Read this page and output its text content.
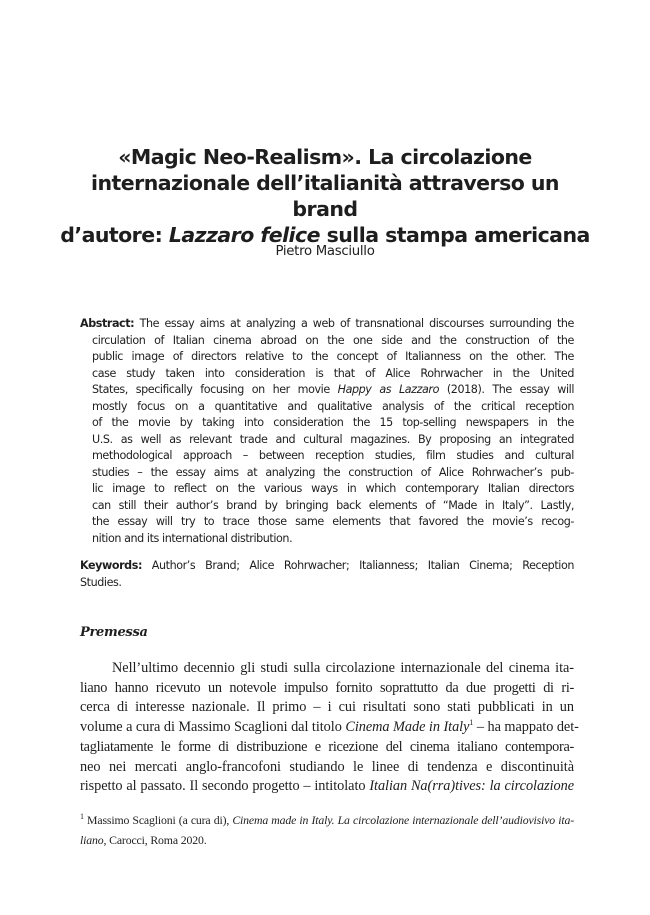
«Magic Neo-Realism». La circolazione
internazionale dell’italianità attraverso un brand
d’autore: Lazzaro felice sulla stampa americana
Pietro Masciullo
Abstract: The essay aims at analyzing a web of transnational discourses surrounding the
circulation of Italian cinema abroad on the one side and the construction of the
public image of directors relative to the concept of Italianness on the other. The
case study taken into consideration is that of Alice Rohrwacher in the United
States, specifically focusing on her movie Happy as Lazzaro (2018). The essay will
mostly focus on a quantitative and qualitative analysis of the critical reception
of the movie by taking into consideration the 15 top-selling newspapers in the
U.S. as well as relevant trade and cultural magazines. By proposing an integrated
methodological approach – between reception studies, film studies and cultural
studies – the essay aims at analyzing the construction of Alice Rohrwacher’s pub-
lic image to reflect on the various ways in which contemporary Italian directors
can still their author’s brand by bringing back elements of “Made in Italy”. Lastly,
the essay will try to trace those same elements that favored the movie’s recog-
nition and its international distribution.
Keywords: Author’s Brand; Alice Rohrwacher; Italianness; Italian Cinema; Reception
Studies.
Premessa
Nell’ultimo decennio gli studi sulla circolazione internazionale del cinema ita-
liano hanno ricevuto un notevole impulso fornito soprattutto da due progetti di ri-
cerca di interesse nazionale. Il primo – i cui risultati sono stati pubblicati in un
volume a cura di Massimo Scaglioni dal titolo Cinema Made in Italy$^1$ – ha mappato det-
tagliatamente le forme di distribuzione e ricezione del cinema italiano contempora-
neo nei mercati anglo-francofoni studiando le linee di tendenza e discontinuità
rispetto al passato. Il secondo progetto – intitolato Italian Na(rra)tives: la circolazione
$^1$ Massimo Scaglioni (a cura di), Cinema made in Italy. La circolazione internazionale dell’audiovisivo ita-
liano, Carocci, Roma 2020.
